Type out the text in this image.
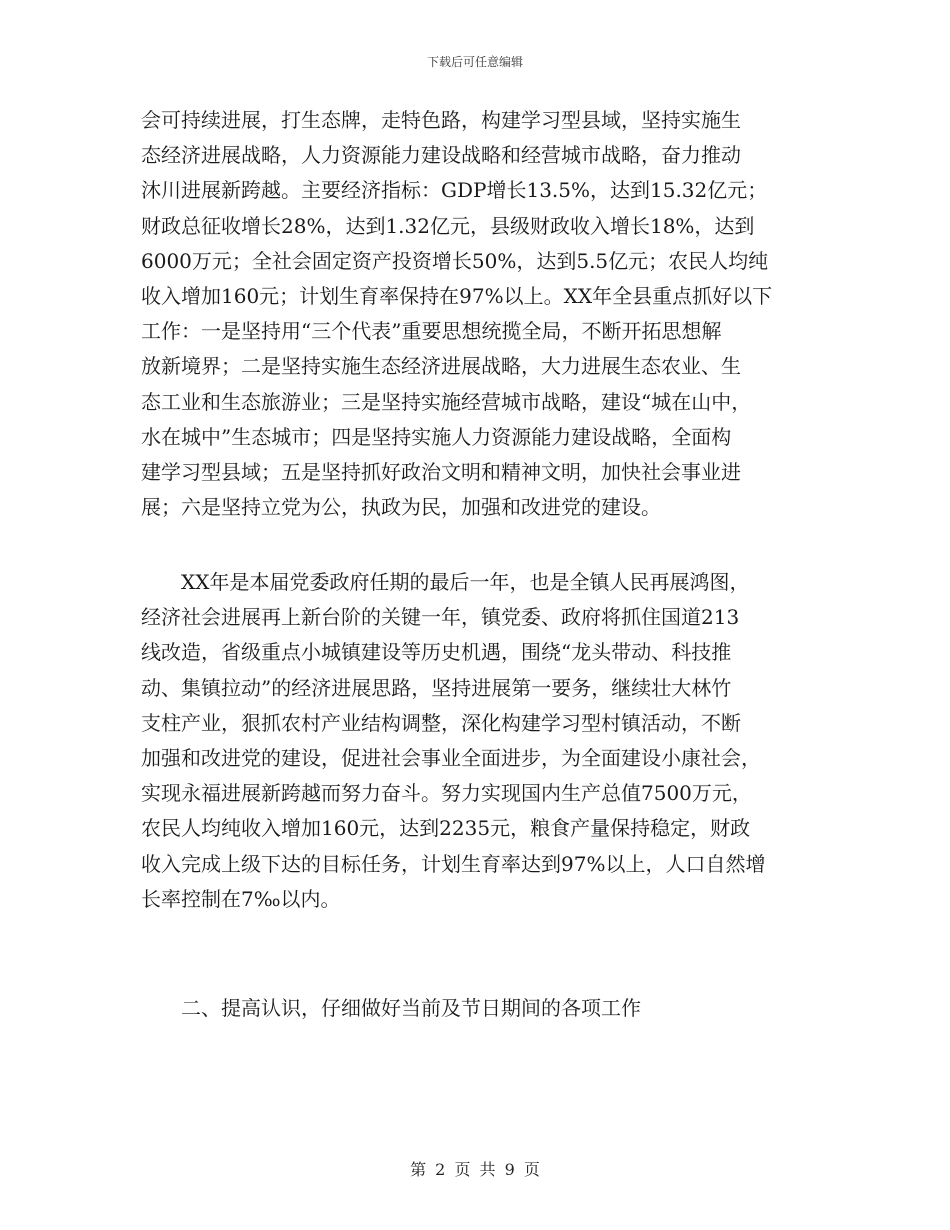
下载后可任意编辑
会可持续进展，打生态牌，走特色路，构建学习型县域，坚持实施生
态经济进展战略，人力资源能力建设战略和经营城市战略，奋力推动
沐川进展新跨越。主要经济指标：GDP增长13.5%，达到15.32亿元；
财政总征收增长28%，达到1.32亿元，县级财政收入增长18%，达到
6000万元；全社会固定资产投资增长50%，达到5.5亿元；农民人均纯
收入增加160元；计划生育率保持在97%以上。XX年全县重点抓好以下
工作：一是坚持用“三个代表”重要思想统揽全局，不断开拓思想解
放新境界；二是坚持实施生态经济进展战略，大力进展生态农业、生
态工业和生态旅游业；三是坚持实施经营城市战略，建设“城在山中，
水在城中”生态城市；四是坚持实施人力资源能力建设战略，全面构
建学习型县域；五是坚持抓好政治文明和精神文明，加快社会事业进
展；六是坚持立党为公，执政为民，加强和改进党的建设。
　　XX年是本届党委政府任期的最后一年，也是全镇人民再展鸿图，
经济社会进展再上新台阶的关键一年，镇党委、政府将抓住国道213
线改造，省级重点小城镇建设等历史机遇，围绕“龙头带动、科技推
动、集镇拉动”的经济进展思路，坚持进展第一要务，继续壮大林竹
支柱产业，狠抓农村产业结构调整，深化构建学习型村镇活动，不断
加强和改进党的建设，促进社会事业全面进步，为全面建设小康社会，
实现永福进展新跨越而努力奋斗。努力实现国内生产总值7500万元，
农民人均纯收入增加160元，达到2235元，粮食产量保持稳定，财政
收入完成上级下达的目标任务，计划生育率达到97%以上，人口自然增
长率控制在7‰以内。
　　二、提高认识，仔细做好当前及节日期间的各项工作
第 2 页 共 9 页
